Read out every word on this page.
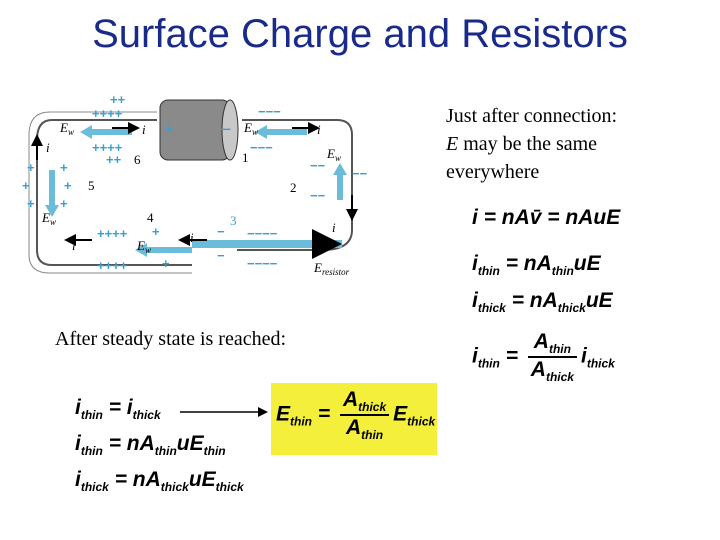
Surface Charge and Resistors
Just after connection:
E may be the same
everywhere
+ −
++
++++
++++
++
+
+
+
+
+
+
++++
++++
+
+
−−−
−−−
−−
−−
−−
−−−−
−−−−
−
−
$E_w$	i	$E_w$	i
$E_w$
i
$E_w$
i	$E_w$
i
i
$E_{resistor}$
1
2
3
4
5
6
i = nAv̄ = nAuE
$i_{thin} = nA_{thin}uE$
$i_{thick} = nA_{thick}uE$
$i_{thin} = \frac{A_{thin}}{A_{thick}} i_{thick}$
After steady state is reached:
$i_{thin} = i_{thick}$
$i_{thin} = nA_{thin}uE_{thin}$
$i_{thick} = nA_{thick}uE_{thick}$
$E_{thin} = \frac{A_{thick}}{A_{thin}} E_{thick}$
